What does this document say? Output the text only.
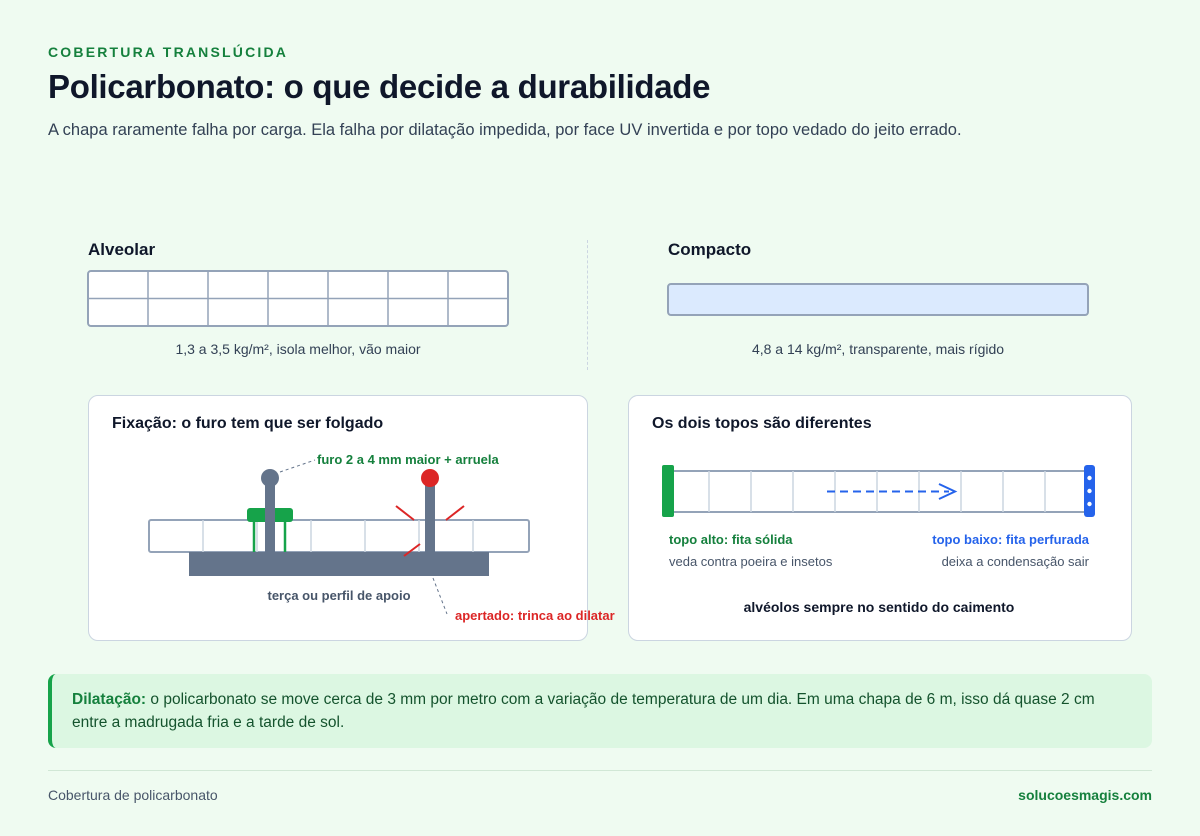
COBERTURA TRANSLÚCIDA
Policarbonato: o que decide a durabilidade

A chapa raramente falha por carga. Ela falha por dilatação impedida, por face UV invertida e por topo vedado do jeito errado.

Alveolar
1,3 a 3,5 kg/m², isola melhor, vão maior
Compacto
4,8 a 14 kg/m², transparente, mais rígido
Fixação: o furo tem que ser folgado
furo 2 a 4 mm maior + arruela
terça ou perfil de apoio
apertado: trinca ao dilatar
Os dois topos são diferentes
topo alto: fita sólida
veda contra poeira e insetos
topo baixo: fita perfurada
deixa a condensação sair
alvéolos sempre no sentido do caimento
Dilatação: o policarbonato se move cerca de 3 mm por metro com a variação de temperatura de um dia. Em uma chapa de 6 m, isso dá quase 2 cm entre a madrugada fria e a tarde de sol.
Cobertura de policarbonato	solucoesmagis.com
